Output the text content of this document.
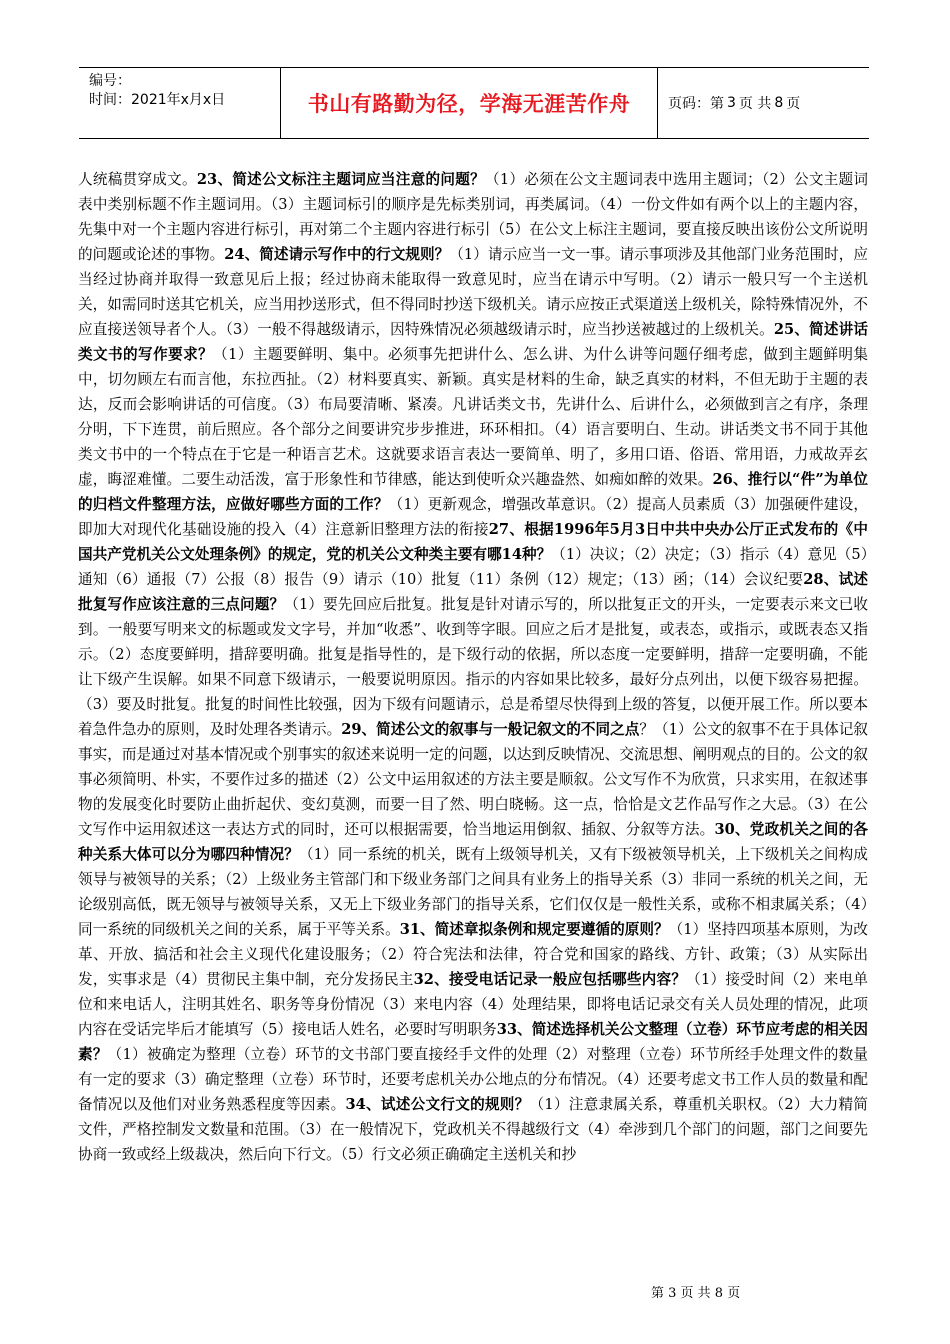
编号：
时间：2021年x月x日	书山有路勤为径，学海无涯苦作舟	页码：第 3 页 共 8 页
人统稿贯穿成文。23、简述公文标注主题词应当注意的问题？（1）必须在公文主题词表中选用主题词；（2）公文主题词表中类别标题不作主题词用。（3）主题词标引的顺序是先标类别词，再类属词。（4）一份文件如有两个以上的主题内容，先集中对一个主题内容进行标引，再对第二个主题内容进行标引（5）在公文上标注主题词，要直接反映出该份公文所说明的问题或论述的事物。24、简述请示写作中的行文规则？（1）请示应当一文一事。请示事项涉及其他部门业务范围时，应当经过协商并取得一致意见后上报；经过协商未能取得一致意见时，应当在请示中写明。（2）请示一般只写一个主送机关，如需同时送其它机关，应当用抄送形式，但不得同时抄送下级机关。请示应按正式渠道送上级机关，除特殊情况外，不应直接送领导者个人。（3）一般不得越级请示，因特殊情况必须越级请示时，应当抄送被越过的上级机关。25、简述讲话类文书的写作要求？（1）主题要鲜明、集中。必须事先把讲什么、怎么讲、为什么讲等问题仔细考虑，做到主题鲜明集中，切勿顾左右而言他，东拉西扯。（2）材料要真实、新颖。真实是材料的生命，缺乏真实的材料，不但无助于主题的表达，反而会影响讲话的可信度。（3）布局要清晰、紧凑。凡讲话类文书，先讲什么、后讲什么，必须做到言之有序，条理分明，下下连贯，前后照应。各个部分之间要讲究步步推进，环环相扣。（4）语言要明白、生动。讲话类文书不同于其他类文书中的一个特点在于它是一种语言艺术。这就要求语言表达一要简单、明了，多用口语、俗语、常用语，力戒故弄玄虚，晦涩难懂。二要生动活泼，富于形象性和节律感，能达到使听众兴趣盎然、如痴如醉的效果。26、推行以“件”为单位的归档文件整理方法，应做好哪些方面的工作？（1）更新观念，增强改革意识。（2）提高人员素质（3）加强硬件建设，即加大对现代化基础设施的投入（4）注意新旧整理方法的衔接27、根据1996年5月3日中共中央办公厅正式发布的《中国共产党机关公文处理条例》的规定，党的机关公文种类主要有哪14种？（1）决议；（2）决定；（3）指示（4）意见（5）通知（6）通报（7）公报（8）报告（9）请示（10）批复（11）条例（12）规定；（13）函；（14）会议纪要28、试述批复写作应该注意的三点问题？（1）要先回应后批复。批复是针对请示写的，所以批复正文的开头，一定要表示来文已收到。一般要写明来文的标题或发文字号，并加“收悉”、收到等字眼。回应之后才是批复，或表态，或指示，或既表态又指示。（2）态度要鲜明，措辞要明确。批复是指导性的，是下级行动的依据，所以态度一定要鲜明，措辞一定要明确，不能让下级产生误解。如果不同意下级请示，一般要说明原因。指示的内容如果比较多，最好分点列出，以便下级容易把握。（3）要及时批复。批复的时间性比较强，因为下级有问题请示，总是希望尽快得到上级的答复，以便开展工作。所以要本着急件急办的原则，及时处理各类请示。29、简述公文的叙事与一般记叙文的不同之点？（1）公文的叙事不在于具体记叙事实，而是通过对基本情况或个别事实的叙述来说明一定的问题，以达到反映情况、交流思想、阐明观点的目的。公文的叙事必须简明、朴实，不要作过多的描述（2）公文中运用叙述的方法主要是顺叙。公文写作不为欣赏，只求实用，在叙述事物的发展变化时要防止曲折起伏、变幻莫测，而要一目了然、明白晓畅。这一点，恰恰是文艺作品写作之大忌。（3）在公文写作中运用叙述这一表达方式的同时，还可以根据需要，恰当地运用倒叙、插叙、分叙等方法。30、党政机关之间的各种关系大体可以分为哪四种情况？（1）同一系统的机关，既有上级领导机关，又有下级被领导机关，上下级机关之间构成领导与被领导的关系；（2）上级业务主管部门和下级业务部门之间具有业务上的指导关系（3）非同一系统的机关之间，无论级别高低，既无领导与被领导关系，又无上下级业务部门的指导关系，它们仅仅是一般性关系，或称不相隶属关系；（4）同一系统的同级机关之间的关系，属于平等关系。31、简述章拟条例和规定要遵循的原则？（1）坚持四项基本原则，为改革、开放、搞活和社会主义现代化建设服务；（2）符合宪法和法律，符合党和国家的路线、方针、政策；（3）从实际出发，实事求是（4）贯彻民主集中制，充分发扬民主32、接受电话记录一般应包括哪些内容？（1）接受时间（2）来电单位和来电话人，注明其姓名、职务等身份情况（3）来电内容（4）处理结果，即将电话记录交有关人员处理的情况，此项内容在受话完毕后才能填写（5）接电话人姓名，必要时写明职务33、简述选择机关公文整理（立卷）环节应考虑的相关因素？（1）被确定为整理（立卷）环节的文书部门要直接经手文件的处理（2）对整理（立卷）环节所经手处理文件的数量有一定的要求（3）确定整理（立卷）环节时，还要考虑机关办公地点的分布情况。（4）还要考虑文书工作人员的数量和配备情况以及他们对业务熟悉程度等因素。34、试述公文行文的规则？（1）注意隶属关系，尊重机关职权。（2）大力精简文件，严格控制发文数量和范围。（3）在一般情况下，党政机关不得越级行文（4）牵涉到几个部门的问题，部门之间要先协商一致或经上级裁决，然后向下行文。（5）行文必须正确确定主送机关和抄
第 3 页 共 8 页
